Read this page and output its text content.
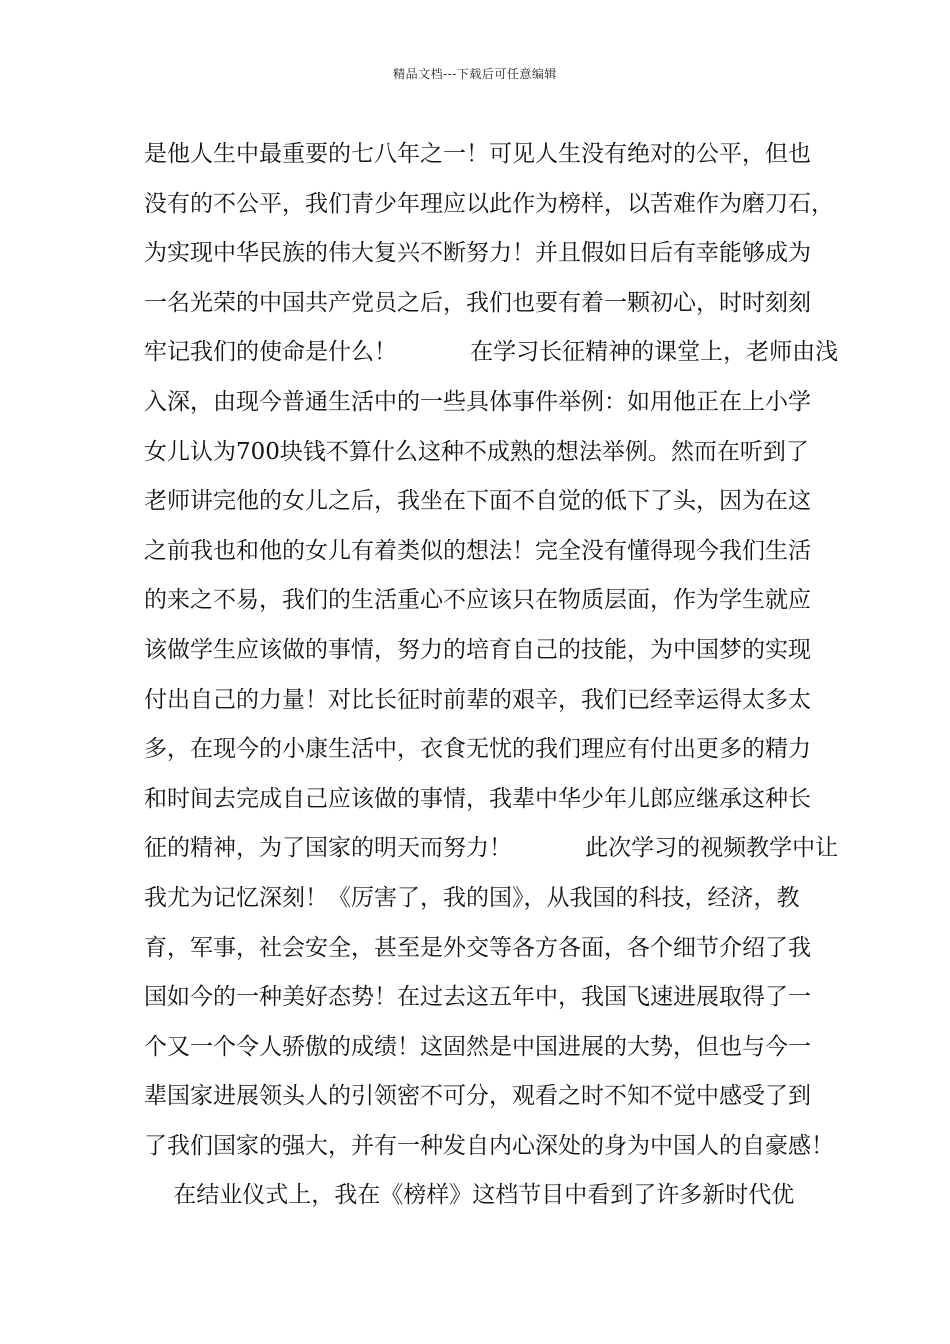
精品文档---下载后可任意编辑
是他人生中最重要的七八年之一！可见人生没有绝对的公平，但也
没有的不公平，我们青少年理应以此作为榜样，以苦难作为磨刀石，
为实现中华民族的伟大复兴不断努力！并且假如日后有幸能够成为
一名光荣的中国共产党员之后，我们也要有着一颗初心，时时刻刻
牢记我们的使命是什么！          在学习长征精神的课堂上，老师由浅
入深，由现今普通生活中的一些具体事件举例：如用他正在上小学
女儿认为700块钱不算什么这种不成熟的想法举例。然而在听到了
老师讲完他的女儿之后，我坐在下面不自觉的低下了头，因为在这
之前我也和他的女儿有着类似的想法！完全没有懂得现今我们生活
的来之不易，我们的生活重心不应该只在物质层面，作为学生就应
该做学生应该做的事情，努力的培育自己的技能，为中国梦的实现
付出自己的力量！对比长征时前辈的艰辛，我们已经幸运得太多太
多，在现今的小康生活中，衣食无忧的我们理应有付出更多的精力
和时间去完成自己应该做的事情，我辈中华少年儿郎应继承这种长
征的精神，为了国家的明天而努力！          此次学习的视频教学中让
我尤为记忆深刻！《厉害了，我的国》，从我国的科技，经济，教
育，军事，社会安全，甚至是外交等各方各面，各个细节介绍了我
国如今的一种美好态势！在过去这五年中，我国飞速进展取得了一
个又一个令人骄傲的成绩！这固然是中国进展的大势，但也与今一
辈国家进展领头人的引领密不可分，观看之时不知不觉中感受了到
了我们国家的强大，并有一种发自内心深处的身为中国人的自豪感！
在结业仪式上，我在《榜样》这档节目中看到了许多新时代优
